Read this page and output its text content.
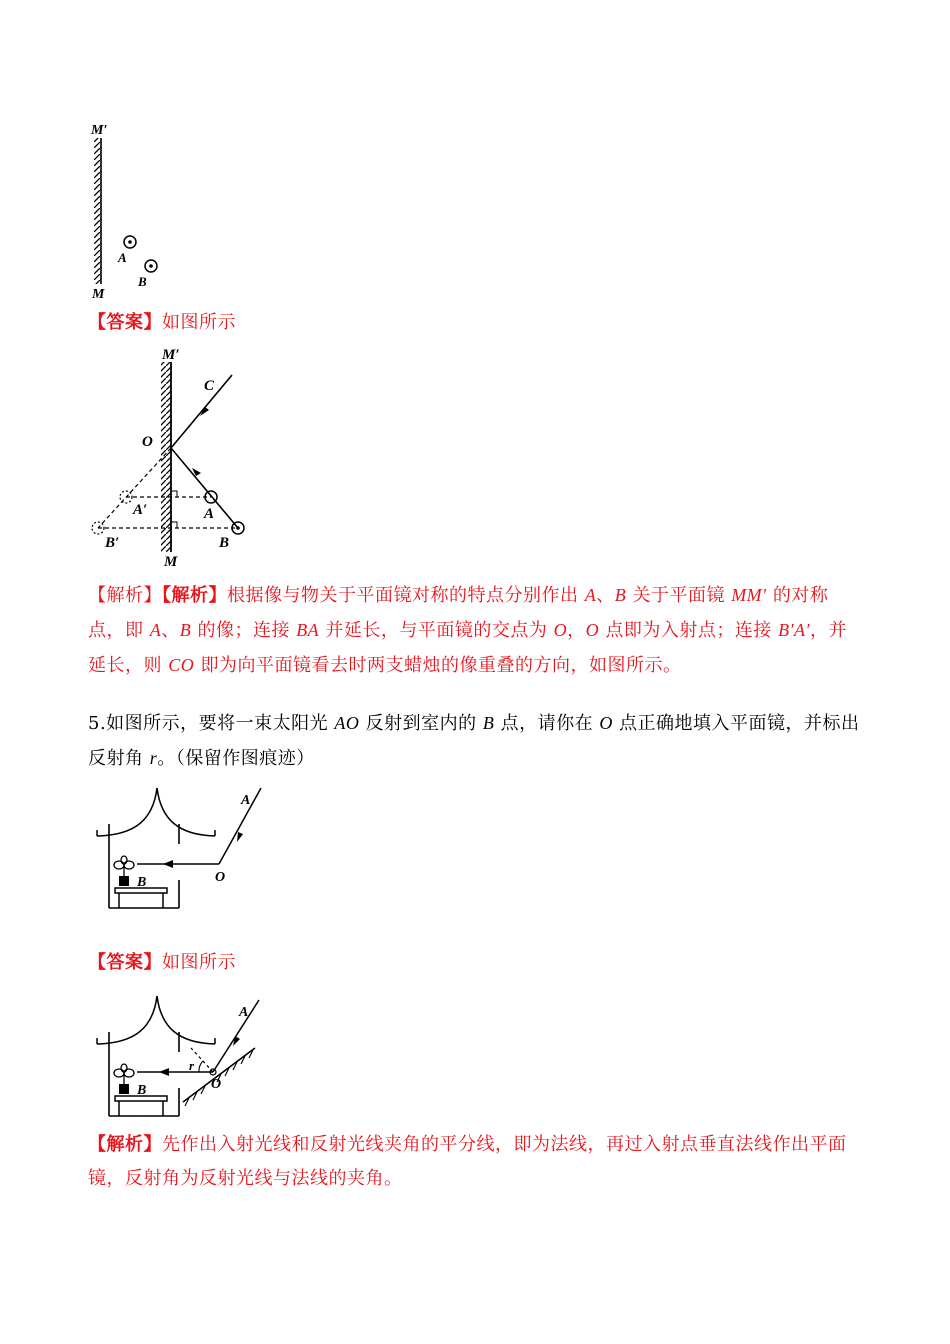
M′
M
A
B
【答案】如图所示
M′
M
O
C
A
A′
B
B′
【解析】【解析】根据像与物关于平面镜对称的特点分别作出 A、B 关于平面镜 MM′ 的对称
点，即 A、B 的像；连接 BA 并延长，与平面镜的交点为 O，O 点即为入射点；连接 B′A′，并
延长，则 CO 即为向平面镜看去时两支蜡烛的像重叠的方向，如图所示。
5.如图所示，要将一束太阳光 AO 反射到室内的 B 点，请你在 O 点正确地填入平面镜，并标出
反射角 r。（保留作图痕迹）
B
A
O
【答案】如图所示
B
A
r
O
【解析】先作出入射光线和反射光线夹角的平分线，即为法线，再过入射点垂直法线作出平面
镜，反射角为反射光线与法线的夹角。
